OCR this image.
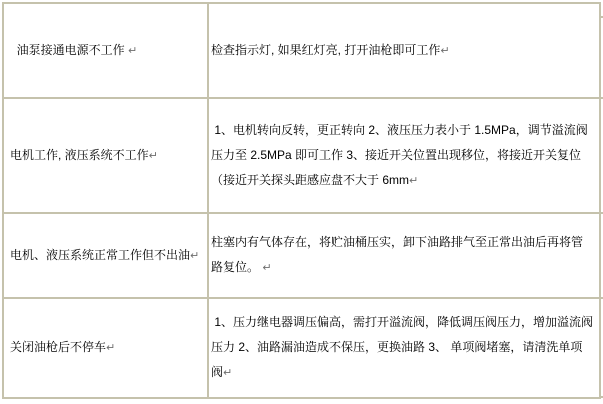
油泵接通电源不工作 ↵	检查指示灯, 如果红灯亮, 打开油枪即可工作↵
电机工作, 液压系统不工作↵	1、电机转向反转，更正转向 2、液压压力表小于 1.5MPa，调节溢流阀压力至 2.5MPa 即可工作 3、接近开关位置出现移位，将接近开关复位（接近开关探头距感应盘不大于 6mm↵
电机、液压系统正常工作但不出油↵	柱塞内有气体存在，将贮油桶压实，卸下油路排气至正常出油后再将管路复位。 ↵
关闭油枪后不停车↵	1、压力继电器调压偏高，需打开溢流阀，降低调压阀压力，增加溢流阀压力 2、油路漏油造成不保压，更换油路 3、 单项阀堵塞，请清洗单项阀↵
